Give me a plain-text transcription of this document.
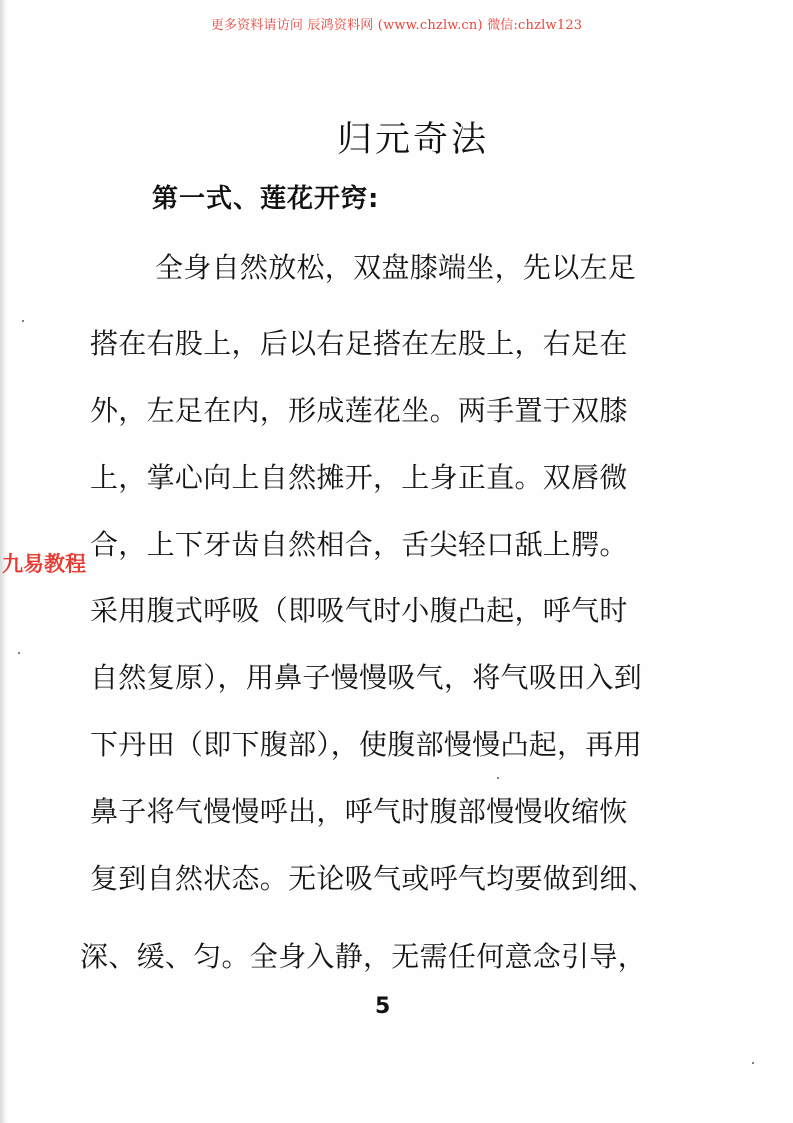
更多资料请访问 辰鸿资料网 (www.chzlw.cn) 微信:chzlw123
归元奇法
第一式、莲花开窍:
全身自然放松，双盘膝端坐，先以左足
搭在右股上，后以右足搭在左股上，右足在
外，左足在内，形成莲花坐。两手置于双膝
上，掌心向上自然摊开，上身正直。双唇微
合，上下牙齿自然相合，舌尖轻口舐上腭。
采用腹式呼吸（即吸气时小腹凸起，呼气时
自然复原），用鼻子慢慢吸气，将气吸田入到
下丹田（即下腹部），使腹部慢慢凸起，再用
鼻子将气慢慢呼出，呼气时腹部慢慢收缩恢
复到自然状态。无论吸气或呼气均要做到细、
深、缓、匀。全身入静，无需任何意念引导，
九易教程
5
